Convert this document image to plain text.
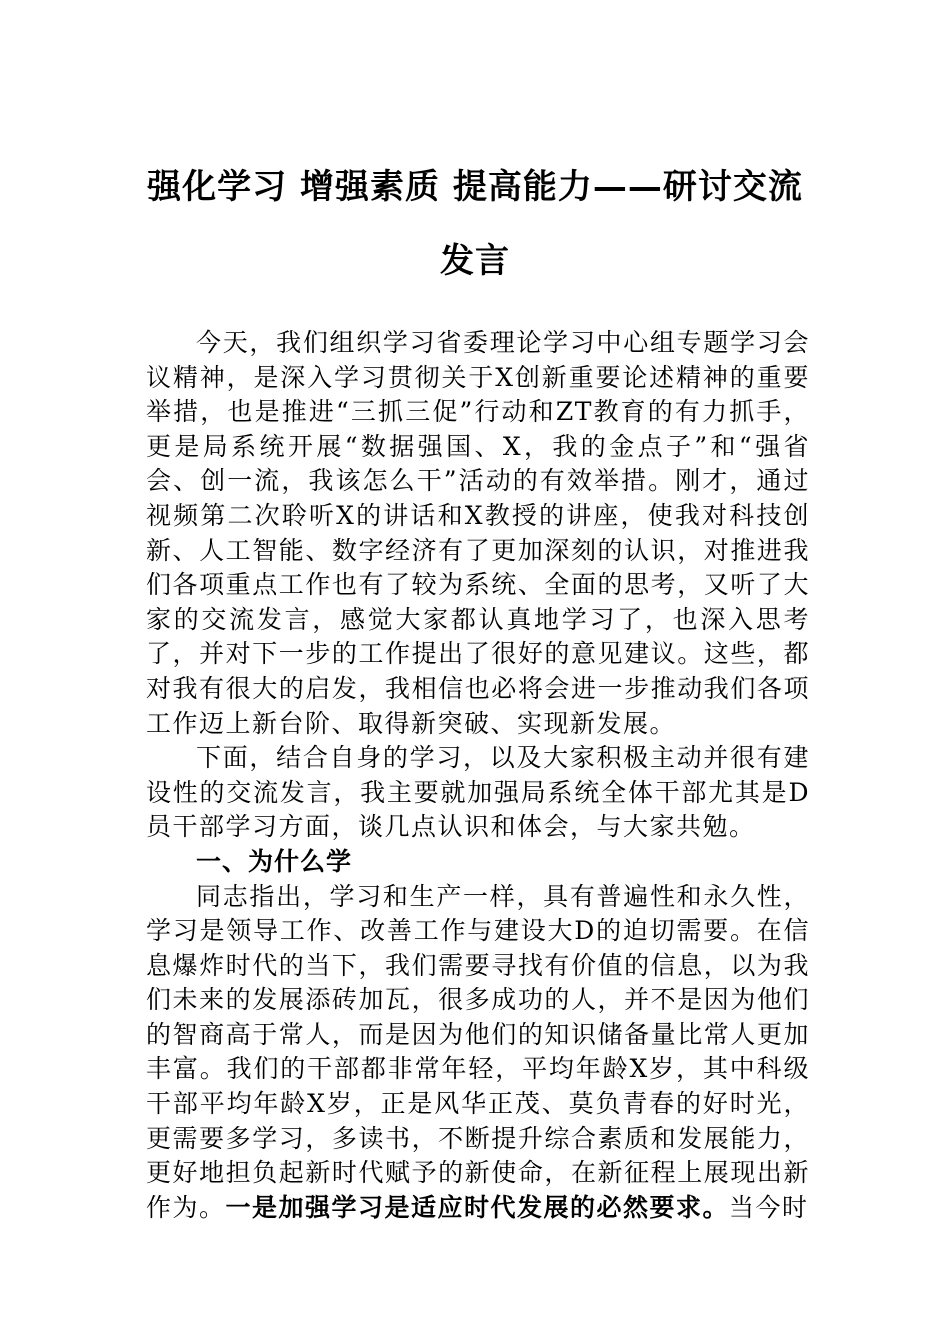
强化学习 增强素质 提高能力——研讨交流
发言

今天，我们组织学习省委理论学习中心组专题学习会议精神，是深入学习贯彻关于X创新重要论述精神的重要举措，也是推进“三抓三促”行动和ZT教育的有力抓手，更是局系统开展“数据强国、X，我的金点子”和“强省会、创一流，我该怎么干”活动的有效举措。刚才，通过视频第二次聆听X的讲话和X教授的讲座，使我对科技创新、人工智能、数字经济有了更加深刻的认识，对推进我们各项重点工作也有了较为系统、全面的思考，又听了大家的交流发言，感觉大家都认真地学习了，也深入思考了，并对下一步的工作提出了很好的意见建议。这些，都对我有很大的启发，我相信也必将会进一步推动我们各项工作迈上新台阶、取得新突破、实现新发展。

下面，结合自身的学习，以及大家积极主动并很有建设性的交流发言，我主要就加强局系统全体干部尤其是D员干部学习方面，谈几点认识和体会，与大家共勉。

一、为什么学

同志指出，学习和生产一样，具有普遍性和永久性，学习是领导工作、改善工作与建设大D的迫切需要。在信息爆炸时代的当下，我们需要寻找有价值的信息，以为我们未来的发展添砖加瓦，很多成功的人，并不是因为他们的智商高于常人，而是因为他们的知识储备量比常人更加丰富。我们的干部都非常年轻，平均年龄X岁，其中科级干部平均年龄X岁，正是风华正茂、莫负青春的好时光，更需要多学习，多读书，不断提升综合素质和发展能力，更好地担负起新时代赋予的新使命，在新征程上展现出新作为。一是加强学习是适应时代发展的必然要求。当今时
